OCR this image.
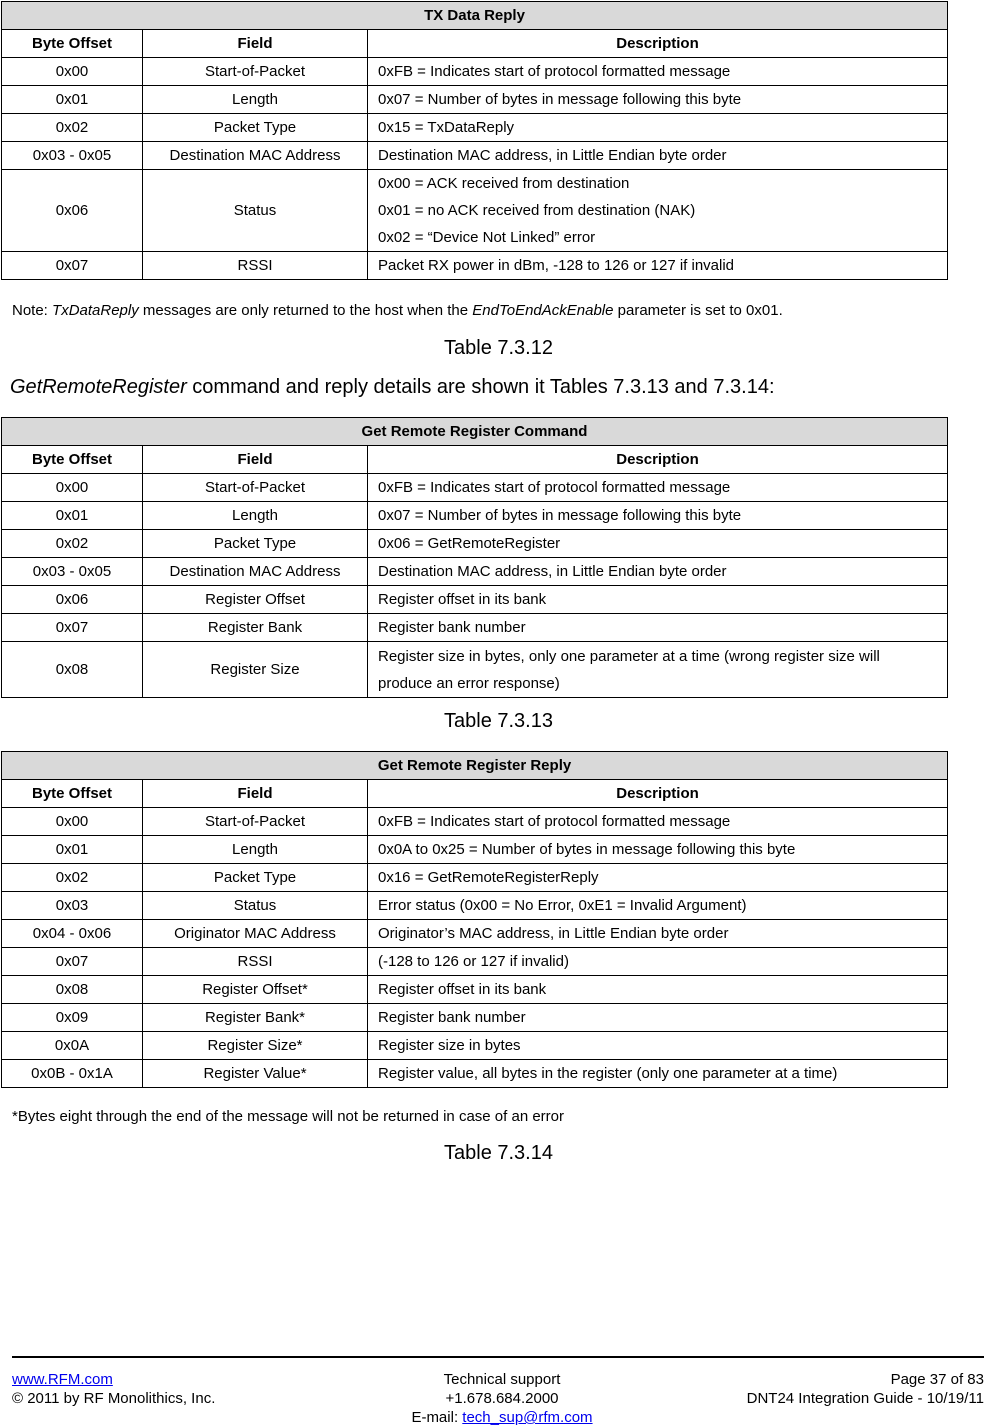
TX Data Reply		
Byte Offset	Field	Description
0x00	Start-of-Packet	0xFB = Indicates start of protocol formatted message
0x01	Length	0x07 = Number of bytes in message following this byte
0x02	Packet Type	0x15 = TxDataReply
0x03 - 0x05	Destination MAC Address	Destination MAC address, in Little Endian byte order
0x06	Status	0x00 = ACK received from destination
0x01 = no ACK received from destination (NAK)
0x02 = “Device Not Linked” error

0x07	RSSI	Packet RX power in dBm, -128 to 126 or 127 if invalid
Note: TxDataReply messages are only returned to the host when the EndToEndAckEnable parameter is set to 0x01.
Table 7.3.12
GetRemoteRegister command and reply details are shown it Tables 7.3.13 and 7.3.14:
Get Remote Register Command		
Byte Offset	Field	Description
0x00	Start-of-Packet	0xFB = Indicates start of protocol formatted message
0x01	Length	0x07 = Number of bytes in message following this byte
0x02	Packet Type	0x06 = GetRemoteRegister
0x03 - 0x05	Destination MAC Address	Destination MAC address, in Little Endian byte order
0x06	Register Offset	Register offset in its bank
0x07	Register Bank	Register bank number
0x08	Register Size	Register size in bytes, only one parameter at a time (wrong register size will produce an error response)
Table 7.3.13
Get Remote Register Reply		
Byte Offset	Field	Description
0x00	Start-of-Packet	0xFB = Indicates start of protocol formatted message
0x01	Length	0x0A to 0x25 = Number of bytes in message following this byte
0x02	Packet Type	0x16 = GetRemoteRegisterReply
0x03	Status	Error status (0x00 = No Error, 0xE1 = Invalid Argument)
0x04 - 0x06	Originator MAC Address	Originator’s MAC address, in Little Endian byte order
0x07	RSSI	(-128 to 126 or 127 if invalid)
0x08	Register Offset*	Register offset in its bank
0x09	Register Bank*	Register bank number
0x0A	Register Size*	Register size in bytes
0x0B - 0x1A	Register Value*	Register value, all bytes in the register (only one parameter at a time)
*Bytes eight through the end of the message will not be returned in case of an error
Table 7.3.14
www.RFM.com
© 2011 by RF Monolithics, Inc.
Technical support +1.678.684.2000
E-mail: tech_sup@rfm.com
Page 37 of 83
DNT24 Integration Guide - 10/19/11
